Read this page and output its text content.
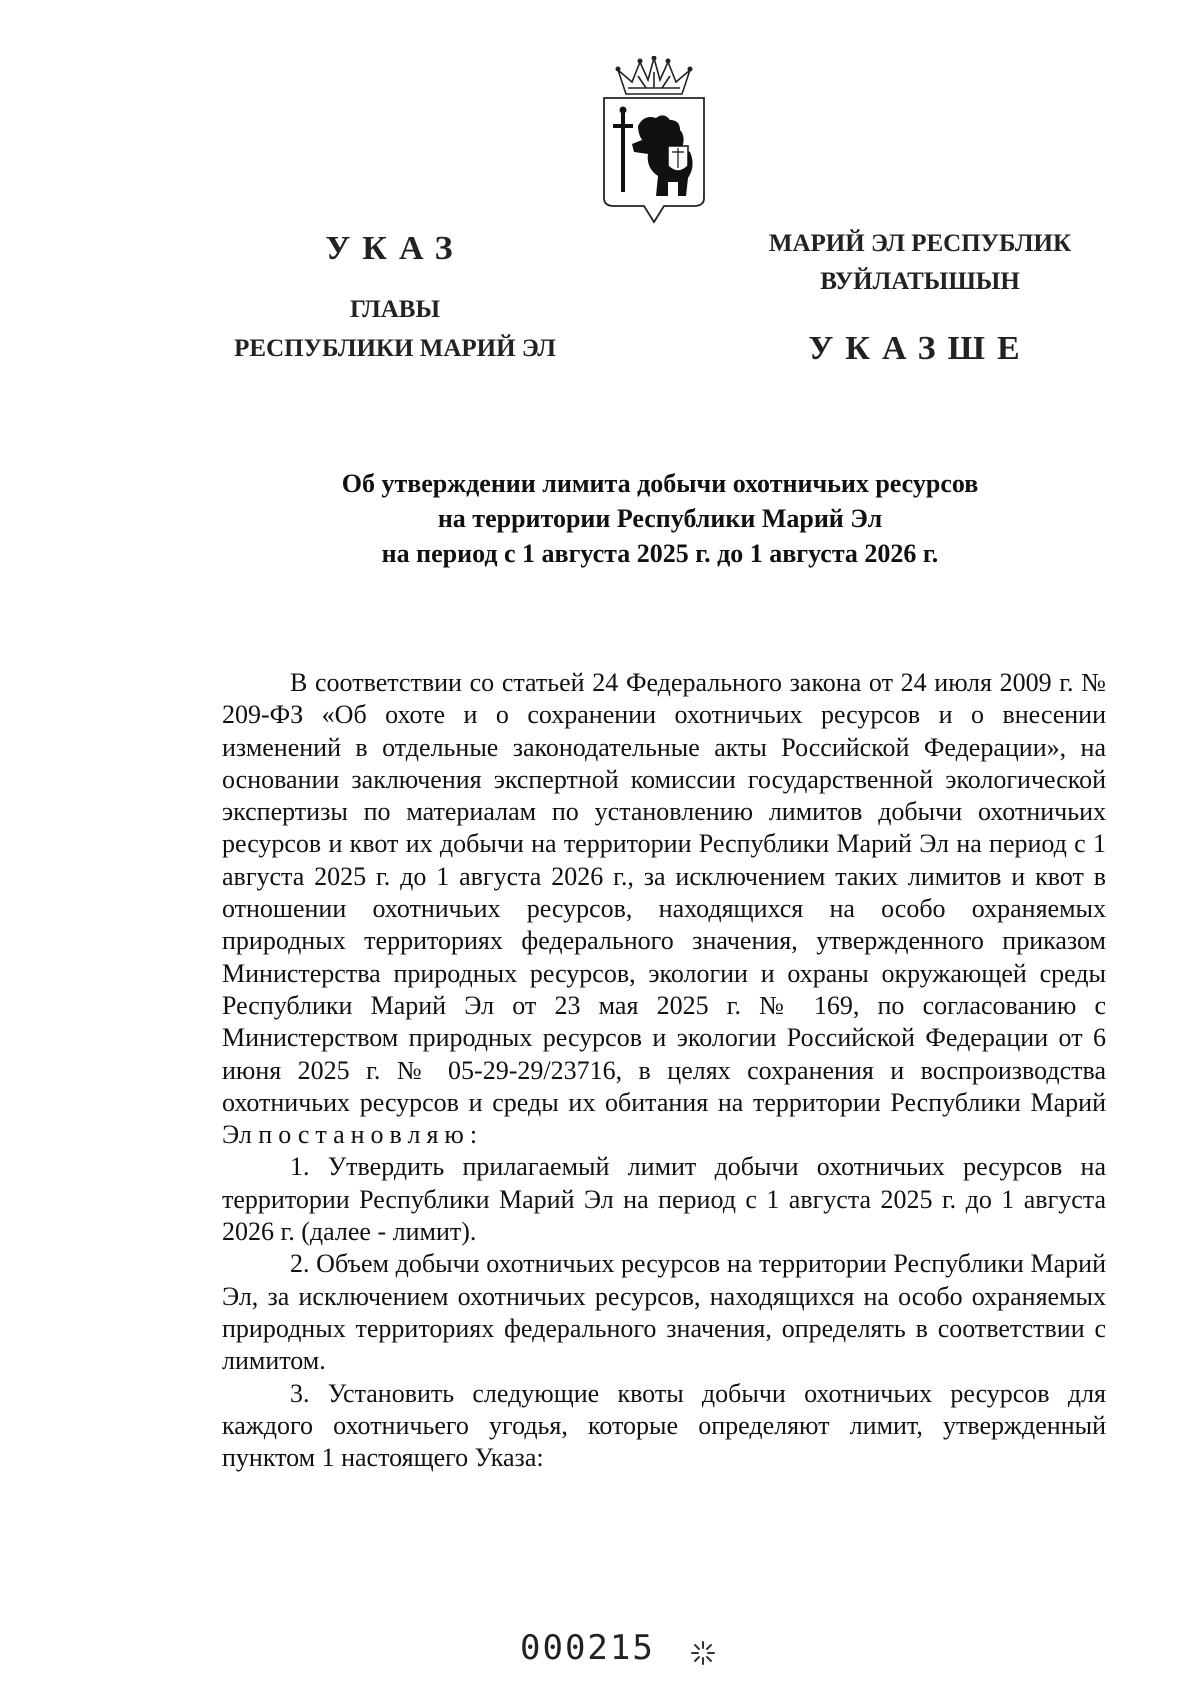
УКАЗ
ГЛАВЫ
РЕСПУБЛИКИ МАРИЙ ЭЛ
МАРИЙ ЭЛ РЕСПУБЛИК
ВУЙЛАТЫШЫН
УКАЗШЕ
Об утверждении лимита добычи охотничьих ресурсов
на территории Республики Марий Эл
на период с 1 августа 2025 г. до 1 августа 2026 г.

В соответствии со статьей 24 Федерального закона от 24 июля 2009 г. № 209-ФЗ «Об охоте и о сохранении охотничьих ресурсов и о внесении изменений в отдельные законодательные акты Российской Федерации», на основании заключения экспертной комиссии государственной экологической экспертизы по материалам по установлению лимитов добычи охотничьих ресурсов и квот их добычи на территории Республики Марий Эл на период с 1 августа 2025 г. до 1 августа 2026 г., за исключением таких лимитов и квот в отношении охотничьих ресурсов, находящихся на особо охраняемых природных территориях федерального значения, утвержденного приказом Министерства природных ресурсов, экологии и охраны окружающей среды Республики Марий Эл от 23 мая 2025 г. № 169, по согласованию с Министерством природных ресурсов и экологии Российской Федерации от 6 июня 2025 г. № 05-29-29/23716, в целях сохранения и воспроизводства охотничьих ресурсов и среды их обитания на территории Республики Марий Эл постановляю:

1. Утвердить прилагаемый лимит добычи охотничьих ресурсов на территории Республики Марий Эл на период с 1 августа 2025 г. до 1 августа 2026 г. (далее - лимит).

2. Объем добычи охотничьих ресурсов на территории Республики Марий Эл, за исключением охотничьих ресурсов, находящихся на особо охраняемых природных территориях федерального значения, определять в соответствии с лимитом.

3. Установить следующие квоты добычи охотничьих ресурсов для каждого охотничьего угодья, которые определяют лимит, утвержденный пунктом 1 настоящего Указа:

000215
